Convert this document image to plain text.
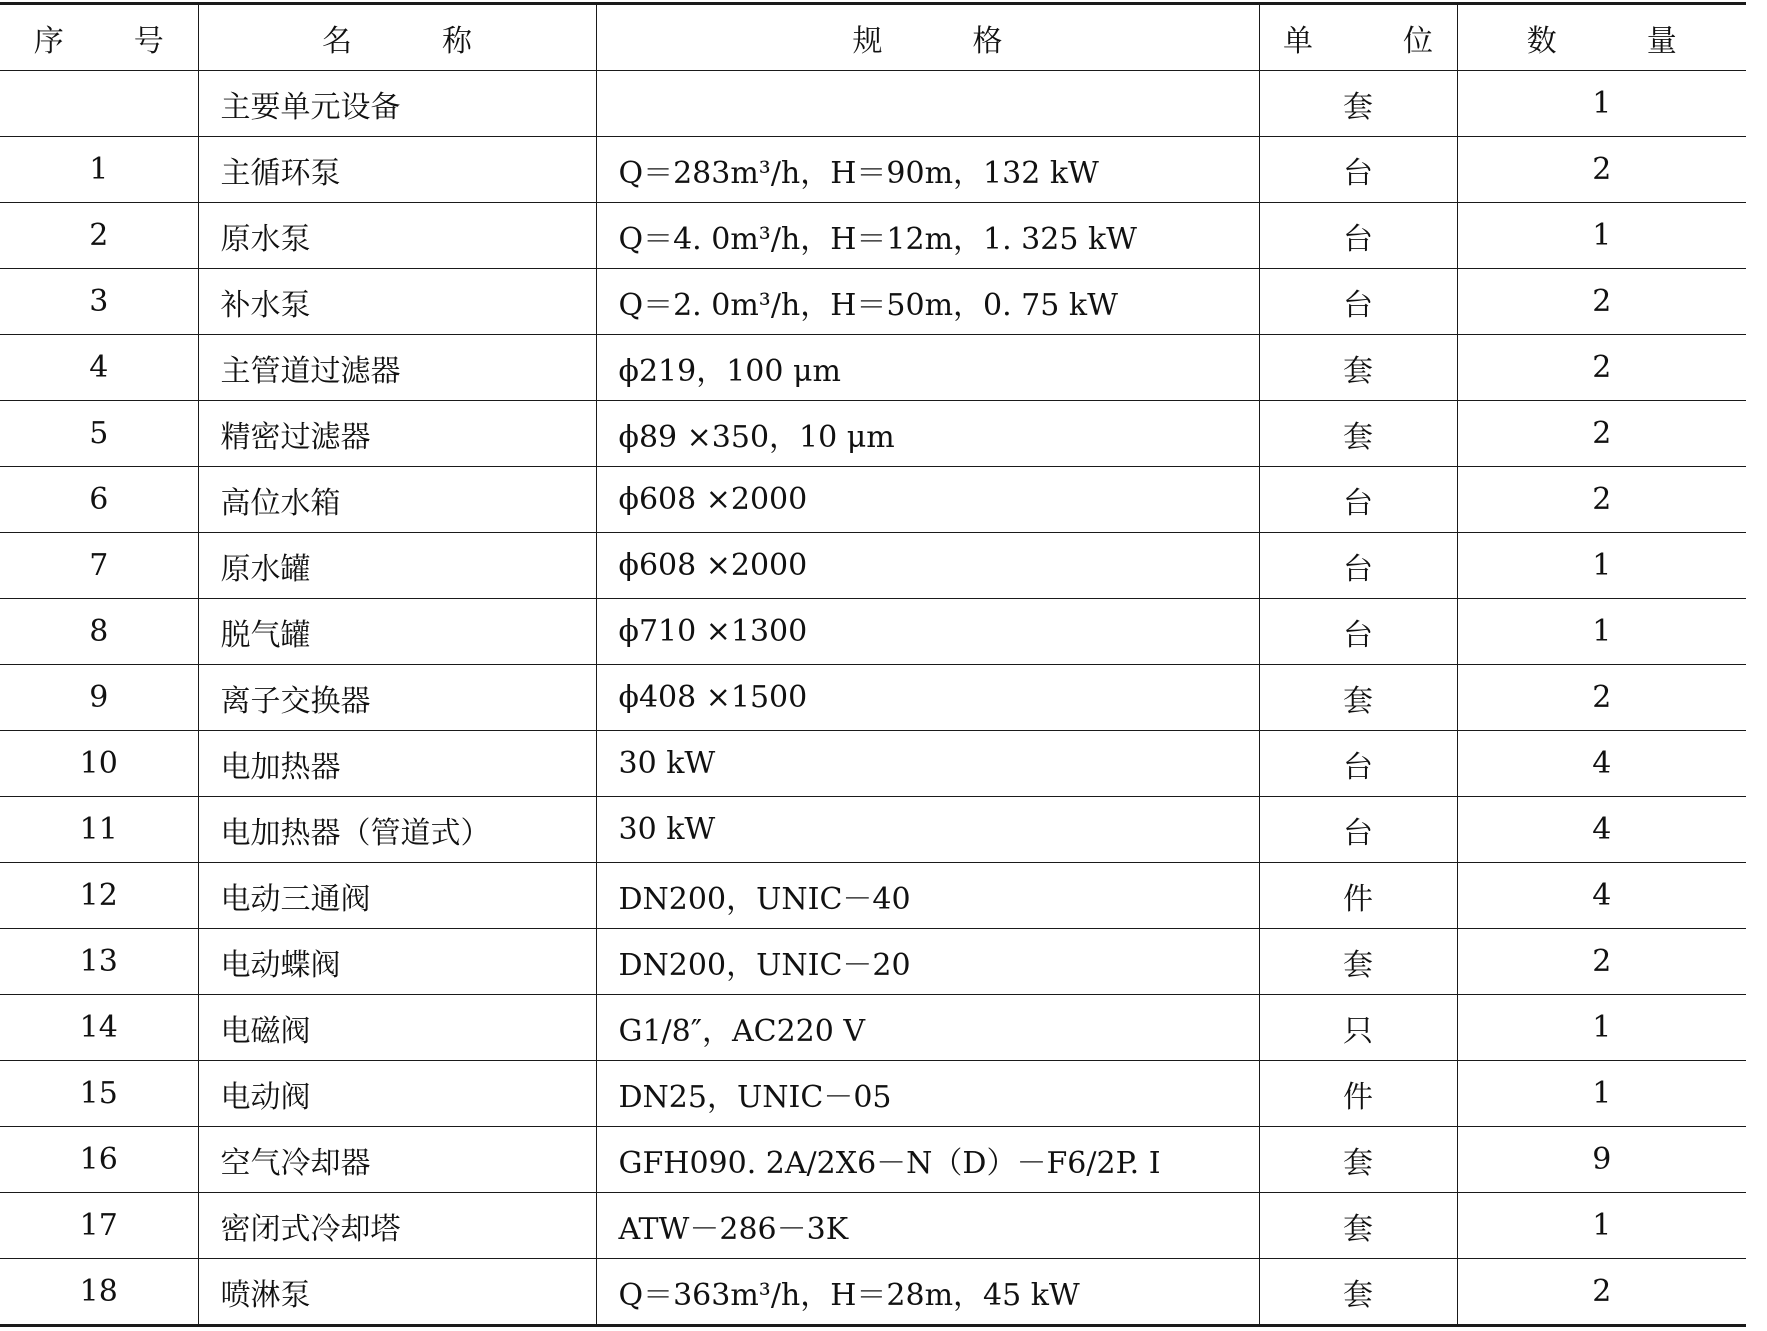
序号	名称	规格	单位	数量
	主要单元设备		套	1
1	主循环泵	Q＝283m³/h，H＝90m，132 kW	台	2
2	原水泵	Q＝4. 0m³/h，H＝12m，1. 325 kW	台	1
3	补水泵	Q＝2. 0m³/h，H＝50m，0. 75 kW	台	2
4	主管道过滤器	ϕ219，100 μm	套	2
5	精密过滤器	ϕ89 ×350，10 μm	套	2
6	高位水箱	ϕ608 ×2000	台	2
7	原水罐	ϕ608 ×2000	台	1
8	脱气罐	ϕ710 ×1300	台	1
9	离子交换器	ϕ408 ×1500	套	2
10	电加热器	30 kW	台	4
11	电加热器（管道式）	30 kW	台	4
12	电动三通阀	DN200，UNIC－40	件	4
13	电动蝶阀	DN200，UNIC－20	套	2
14	电磁阀	G1/8″，AC220 V	只	1
15	电动阀	DN25，UNIC－05	件	1
16	空气冷却器	GFH090. 2A/2X6－N（D）－F6/2P. I	套	9
17	密闭式冷却塔	ATW－286－3K	套	1
18	喷淋泵	Q＝363m³/h，H＝28m，45 kW	套	2
